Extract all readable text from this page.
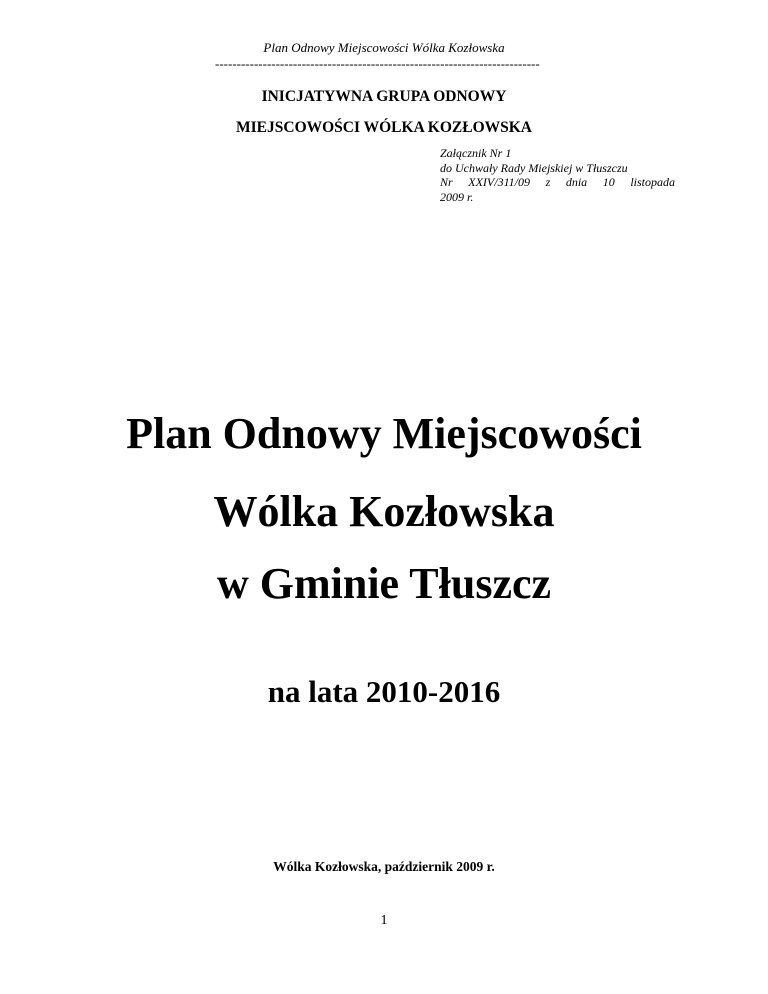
Plan Odnowy Miejscowości Wólka Kozłowska
---------------------------------------------------------------------------
INICJATYWNA GRUPA ODNOWY
MIEJSCOWOŚCI WÓLKA KOZŁOWSKA
Załącznik Nr 1
do Uchwały Rady Miejskiej w Tłuszczu
Nr XXIV/311/09 z dnia 10 listopada
2009 r.
Plan Odnowy Miejscowości
Wólka Kozłowska
w Gminie Tłuszcz
na lata 2010-2016
Wólka Kozłowska, październik 2009 r.
1
